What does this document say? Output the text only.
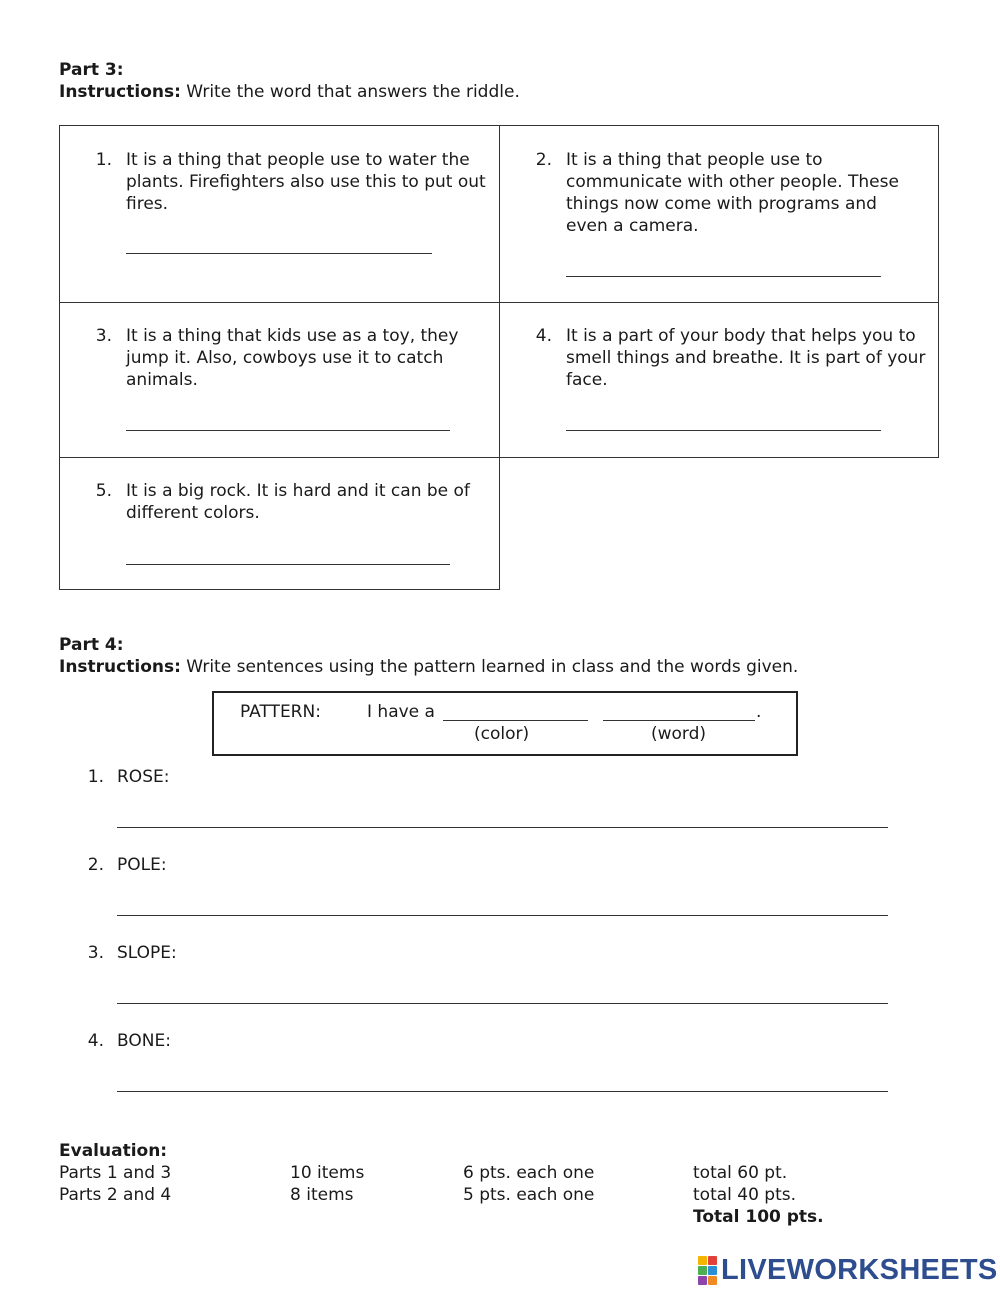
Part 3:
Instructions: Write the word that answers the riddle.
1. It is a thing that people use to water the
plants. Firefighters also use this to put out
fires.
2. It is a thing that people use to
communicate with other people. These
things now come with programs and
even a camera.
3. It is a thing that kids use as a toy, they
jump it. Also, cowboys use it to catch
animals.
4. It is a part of your body that helps you to
smell things and breathe. It is part of your
face.
5. It is a big rock. It is hard and it can be of
different colors.
Part 4:
Instructions: Write sentences using the pattern learned in class and the words given.
PATTERN:	I have a	.
(color)	(word)
1. ROSE:
2. POLE:
3. SLOPE:
4. BONE:
Evaluation:
Parts 1 and 3	10 items	6 pts. each one	total 60 pt.
Parts 2 and 4	8 items	5 pts. each one	total 40 pts.
Total 100 pts.
LIVEWORKSHEETS
